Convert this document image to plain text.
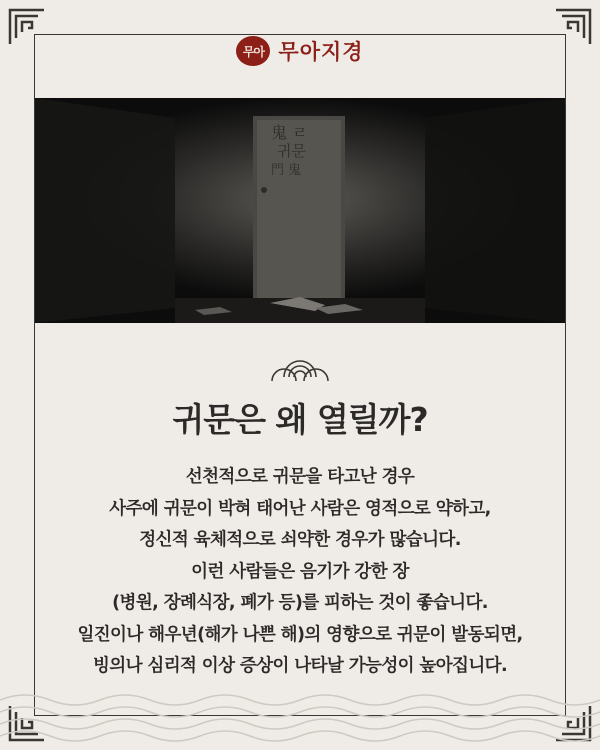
무아 무아지경
鬼 ㄹ
귀문
門 鬼
귀문은 왜 열릴까?
선천적으로 귀문을 타고난 경우
사주에 귀문이 박혀 태어난 사람은 영적으로 약하고,
정신적 육체적으로 쇠약한 경우가 많습니다.
이런 사람들은 음기가 강한 장
(병원, 장례식장, 폐가 등)를 피하는 것이 좋습니다.
일진이나 해우년(해가 나쁜 해)의 영향으로 귀문이 발동되면,
빙의나 심리적 이상 증상이 나타날 가능성이 높아집니다.
